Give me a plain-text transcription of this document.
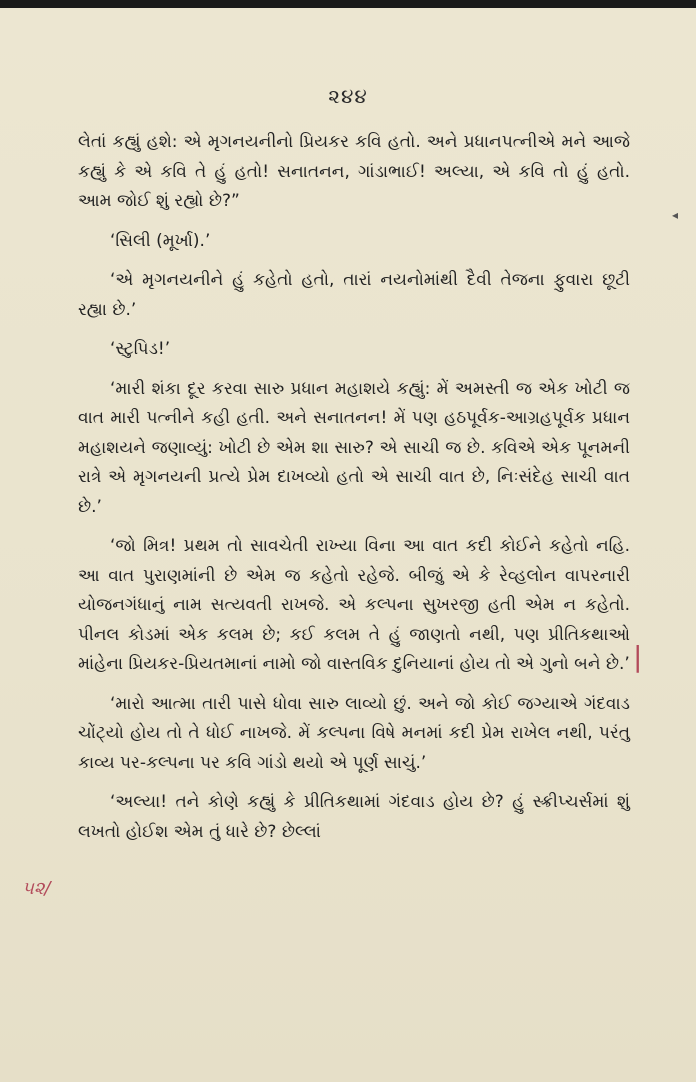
૨૪૪

લેતાં કહ્યું હશે: એ મૃગનયનીનો પ્રિયકર કવિ હતો. અને પ્રધાનપત્નીએ મને આજે કહ્યું કે એ કવિ તે હું હતો! સનાતનન, ગાંડાભાઈ! અલ્યા, એ કવિ તો હું હતો. આમ જોઈ શું રહ્યો છે?”

‘સિલી (મૂર્ખા).’

‘એ મૃગનયનીને હું કહેતો હતો, તારાં નયનોમાંથી દૈવી તેજના ફુવારા છૂટી રહ્યા છે.’

‘સ્ટુપિડ!’

‘મારી શંકા દૂર કરવા સારુ પ્રધાન મહાશયે કહ્યું: મેં અમસ્તી જ એક ખોટી જ વાત મારી પત્નીને કહી હતી. અને સનાતનન! મેં પણ હઠપૂર્વક-આગ્રહપૂર્વક પ્રધાન મહાશયને જણાવ્યું: ખોટી છે એમ શા સારુ? એ સાચી જ છે. કવિએ એક પૂનમની રાત્રે એ મૃગનયની પ્રત્યે પ્રેમ દાખવ્યો હતો એ સાચી વાત છે, નિઃસંદેહ સાચી વાત છે.’

‘જો મિત્ર! પ્રથમ તો સાવચેતી રાખ્યા વિના આ વાત કદી કોઈને કહેતો નહિ. આ વાત પુરાણમાંની છે એમ જ કહેતો રહેજે. બીજું એ કે રેવ્હલોન વાપરનારી યોજનગંધાનું નામ સત્યવતી રાખજે. એ કલ્પના સુખરજી હતી એમ ન કહેતો. પીનલ કોડમાં એક કલમ છે; કઈ કલમ તે હું જાણતો નથી, પણ પ્રીતિકથાઓ માંહેના પ્રિયકર-પ્રિયતમાનાં નામો જો વાસ્તવિક દુનિયાનાં હોય તો એ ગુનો બને છે.’

‘મારો આત્મા તારી પાસે ધોવા સારુ લાવ્યો છું. અને જો કોઈ જગ્યાએ ગંદવાડ ચોંટ્યો હોય તો તે ધોઈ નાખજે. મેં કલ્પના વિષે મનમાં કદી પ્રેમ રાખેલ નથી, પરંતુ કાવ્ય પર-કલ્પના પર કવિ ગાંડો થયો એ પૂર્ણ સાચું.’

‘અલ્યા! તને કોણે કહ્યું કે પ્રીતિકથામાં ગંદવાડ હોય છે? હું સ્ક્રીપ્ચર્સમાં શું લખતો હોઈશ એમ તું ધારે છે? છેલ્લાં

◂
|
૫૨/
